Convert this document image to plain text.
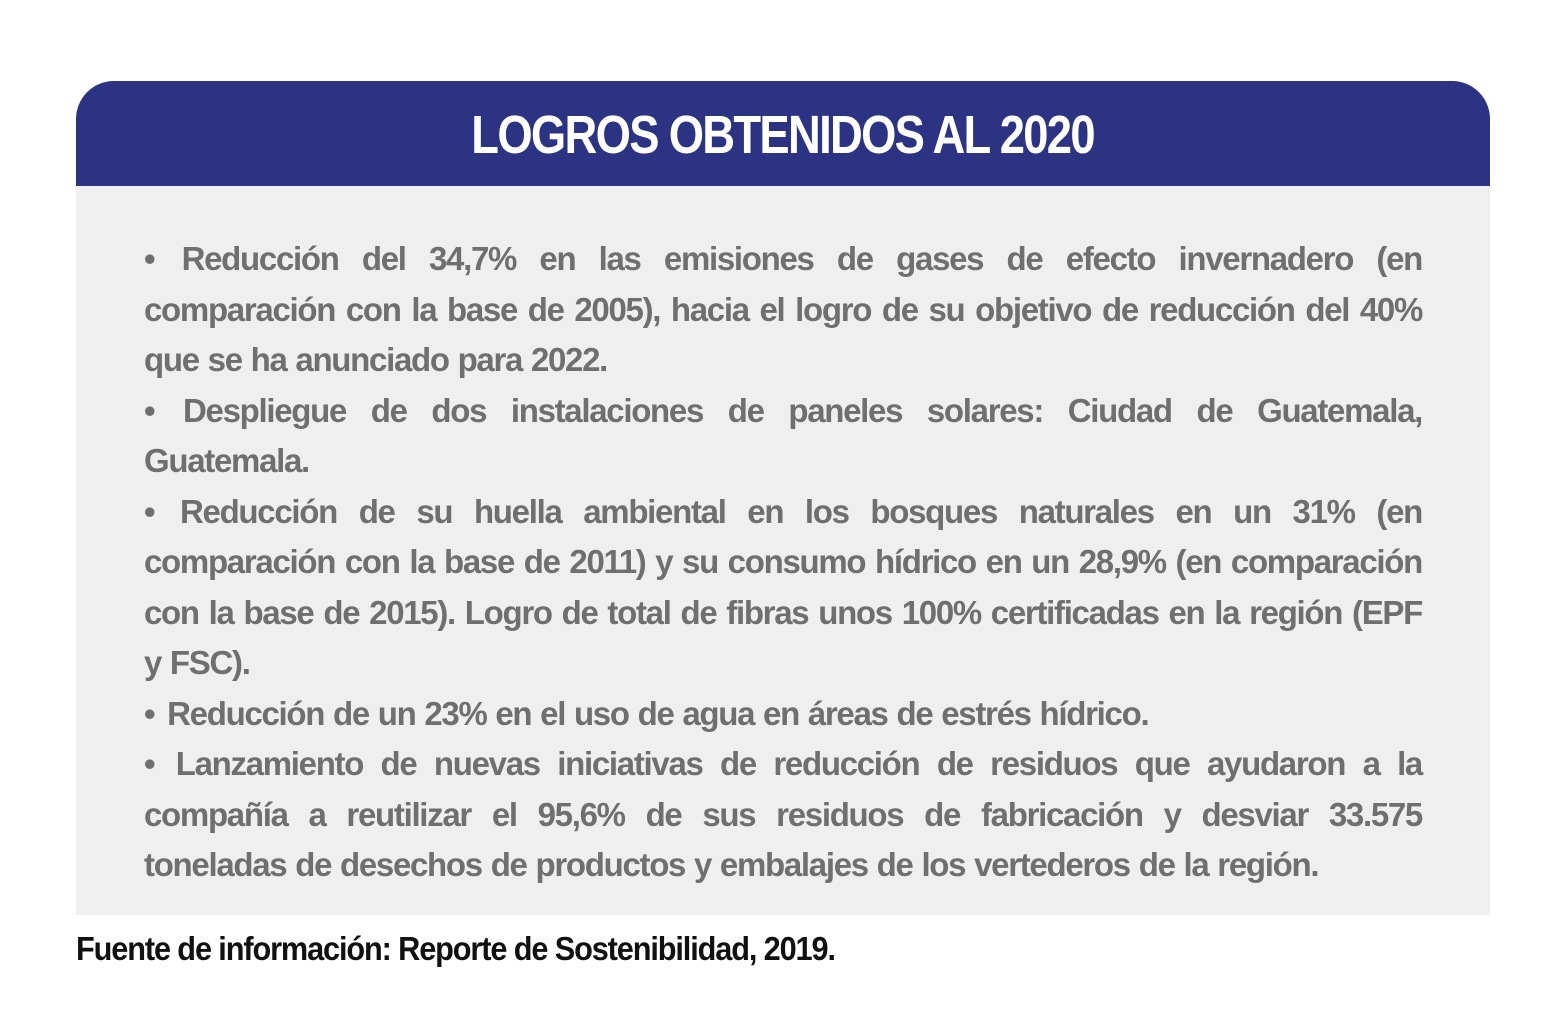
LOGROS OBTENIDOS AL 2020
• Reducción del 34,7% en las emisiones de gases de efecto invernadero (en comparación con la base de 2005), hacia el logro de su objetivo de reducción del 40% que se ha anunciado para 2022.
• Despliegue de dos instalaciones de paneles solares: Ciudad de Guatemala, Guatemala.
• Reducción de su huella ambiental en los bosques naturales en un 31% (en comparación con la base de 2011) y su consumo hídrico en un 28,9% (en comparación con la base de 2015). Logro de total de fibras unos 100% certificadas en la región (EPF y FSC).
• Reducción de un 23% en el uso de agua en áreas de estrés hídrico.
• Lanzamiento de nuevas iniciativas de reducción de residuos que ayudaron a la compañía a reutilizar el 95,6% de sus residuos de fabricación y desviar 33.575 toneladas de desechos de productos y embalajes de los vertederos de la región.
Fuente de información: Reporte de Sostenibilidad, 2019.
